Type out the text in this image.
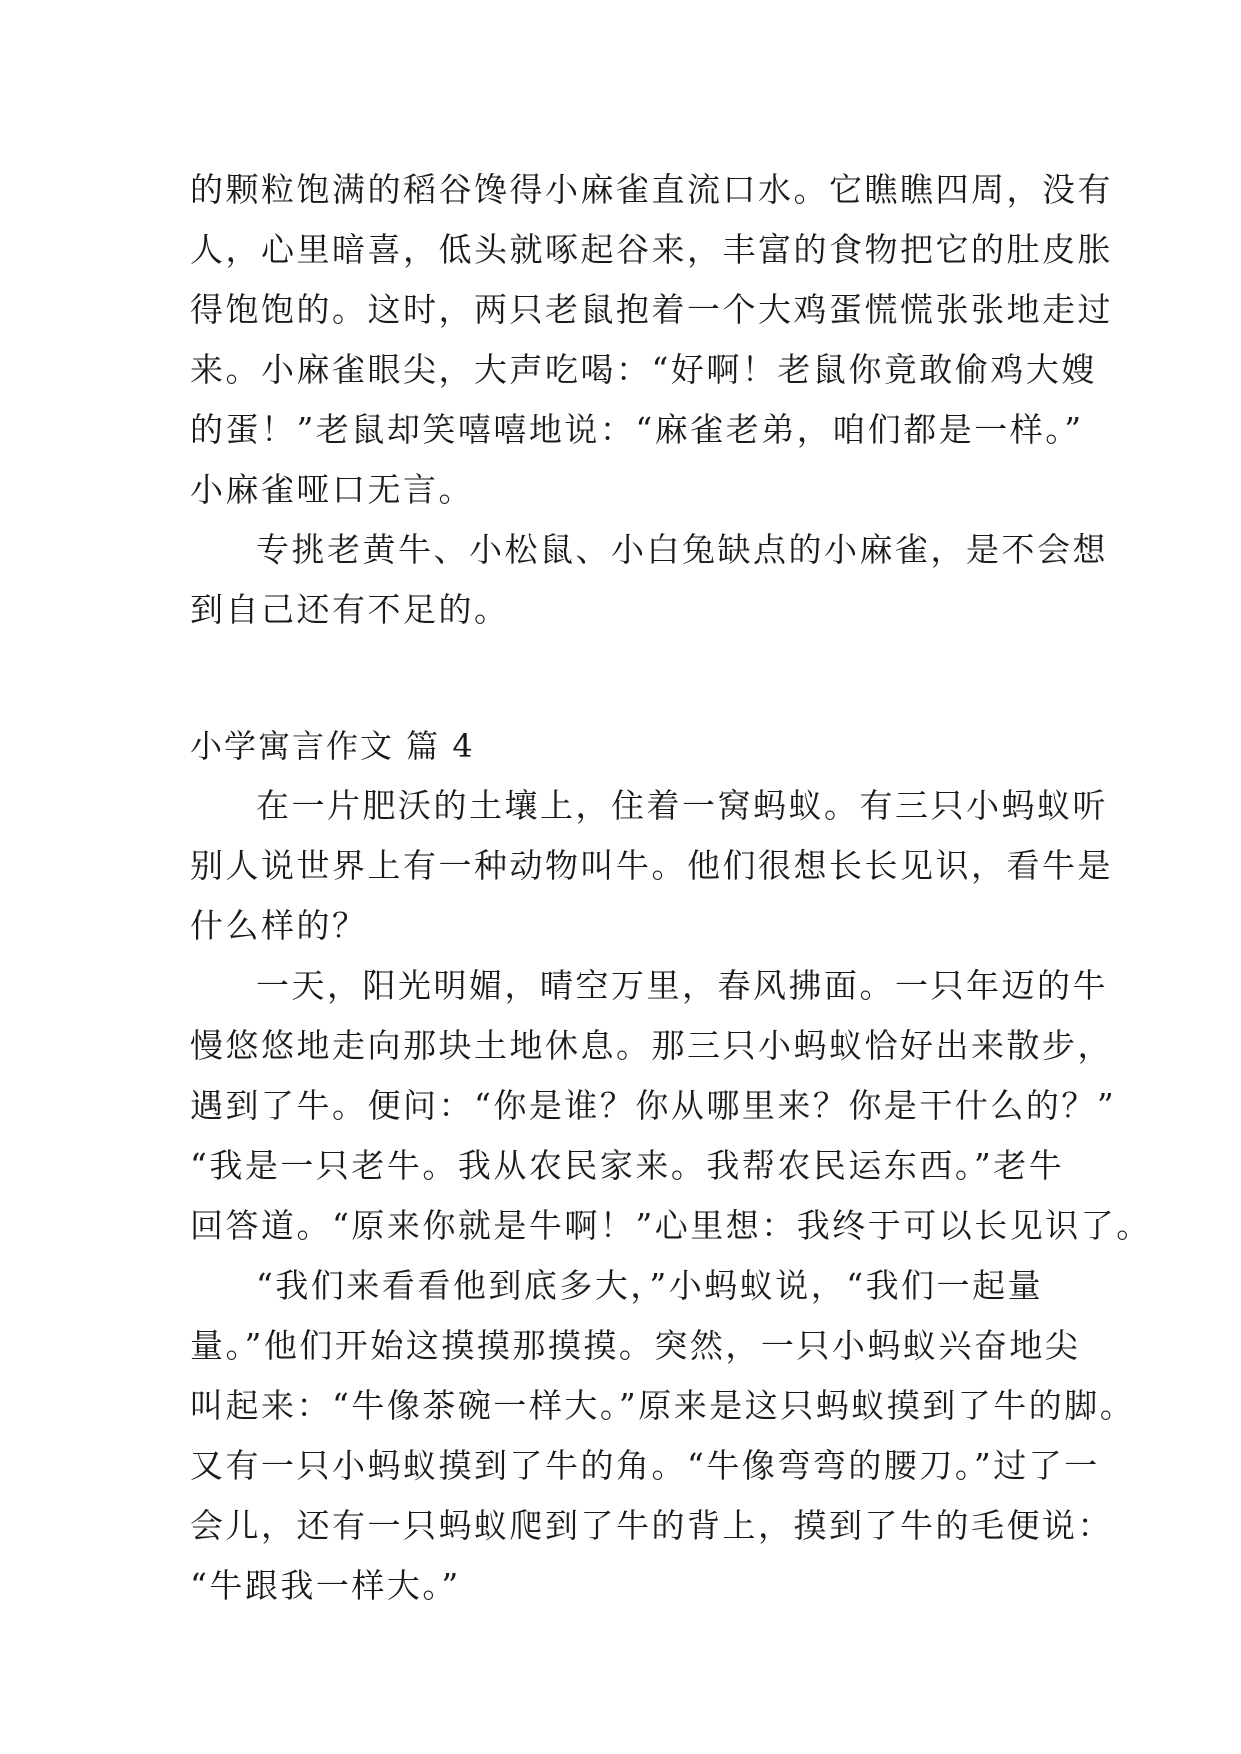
的颗粒饱满的稻谷馋得小麻雀直流口水。它瞧瞧四周，没有
人，心里暗喜，低头就啄起谷来，丰富的食物把它的肚皮胀
得饱饱的。这时，两只老鼠抱着一个大鸡蛋慌慌张张地走过
来。小麻雀眼尖，大声吃喝：“好啊！老鼠你竟敢偷鸡大嫂
的蛋！”老鼠却笑嘻嘻地说：“麻雀老弟，咱们都是一样。”
小麻雀哑口无言。
专挑老黄牛、小松鼠、小白兔缺点的小麻雀，是不会想
到自己还有不足的。
小学寓言作文 篇 4
在一片肥沃的土壤上，住着一窝蚂蚁。有三只小蚂蚁听
别人说世界上有一种动物叫牛。他们很想长长见识，看牛是
什么样的？
一天，阳光明媚，晴空万里，春风拂面。一只年迈的牛
慢悠悠地走向那块土地休息。那三只小蚂蚁恰好出来散步，
遇到了牛。便问：“你是谁？你从哪里来？你是干什么的？”
“我是一只老牛。我从农民家来。我帮农民运东西。”老牛
回答道。“原来你就是牛啊！”心里想：我终于可以长见识了。
“我们来看看他到底多大，”小蚂蚁说，“我们一起量
量。”他们开始这摸摸那摸摸。突然，一只小蚂蚁兴奋地尖
叫起来：“牛像茶碗一样大。”原来是这只蚂蚁摸到了牛的脚。
又有一只小蚂蚁摸到了牛的角。“牛像弯弯的腰刀。”过了一
会儿，还有一只蚂蚁爬到了牛的背上，摸到了牛的毛便说：
“牛跟我一样大。”
